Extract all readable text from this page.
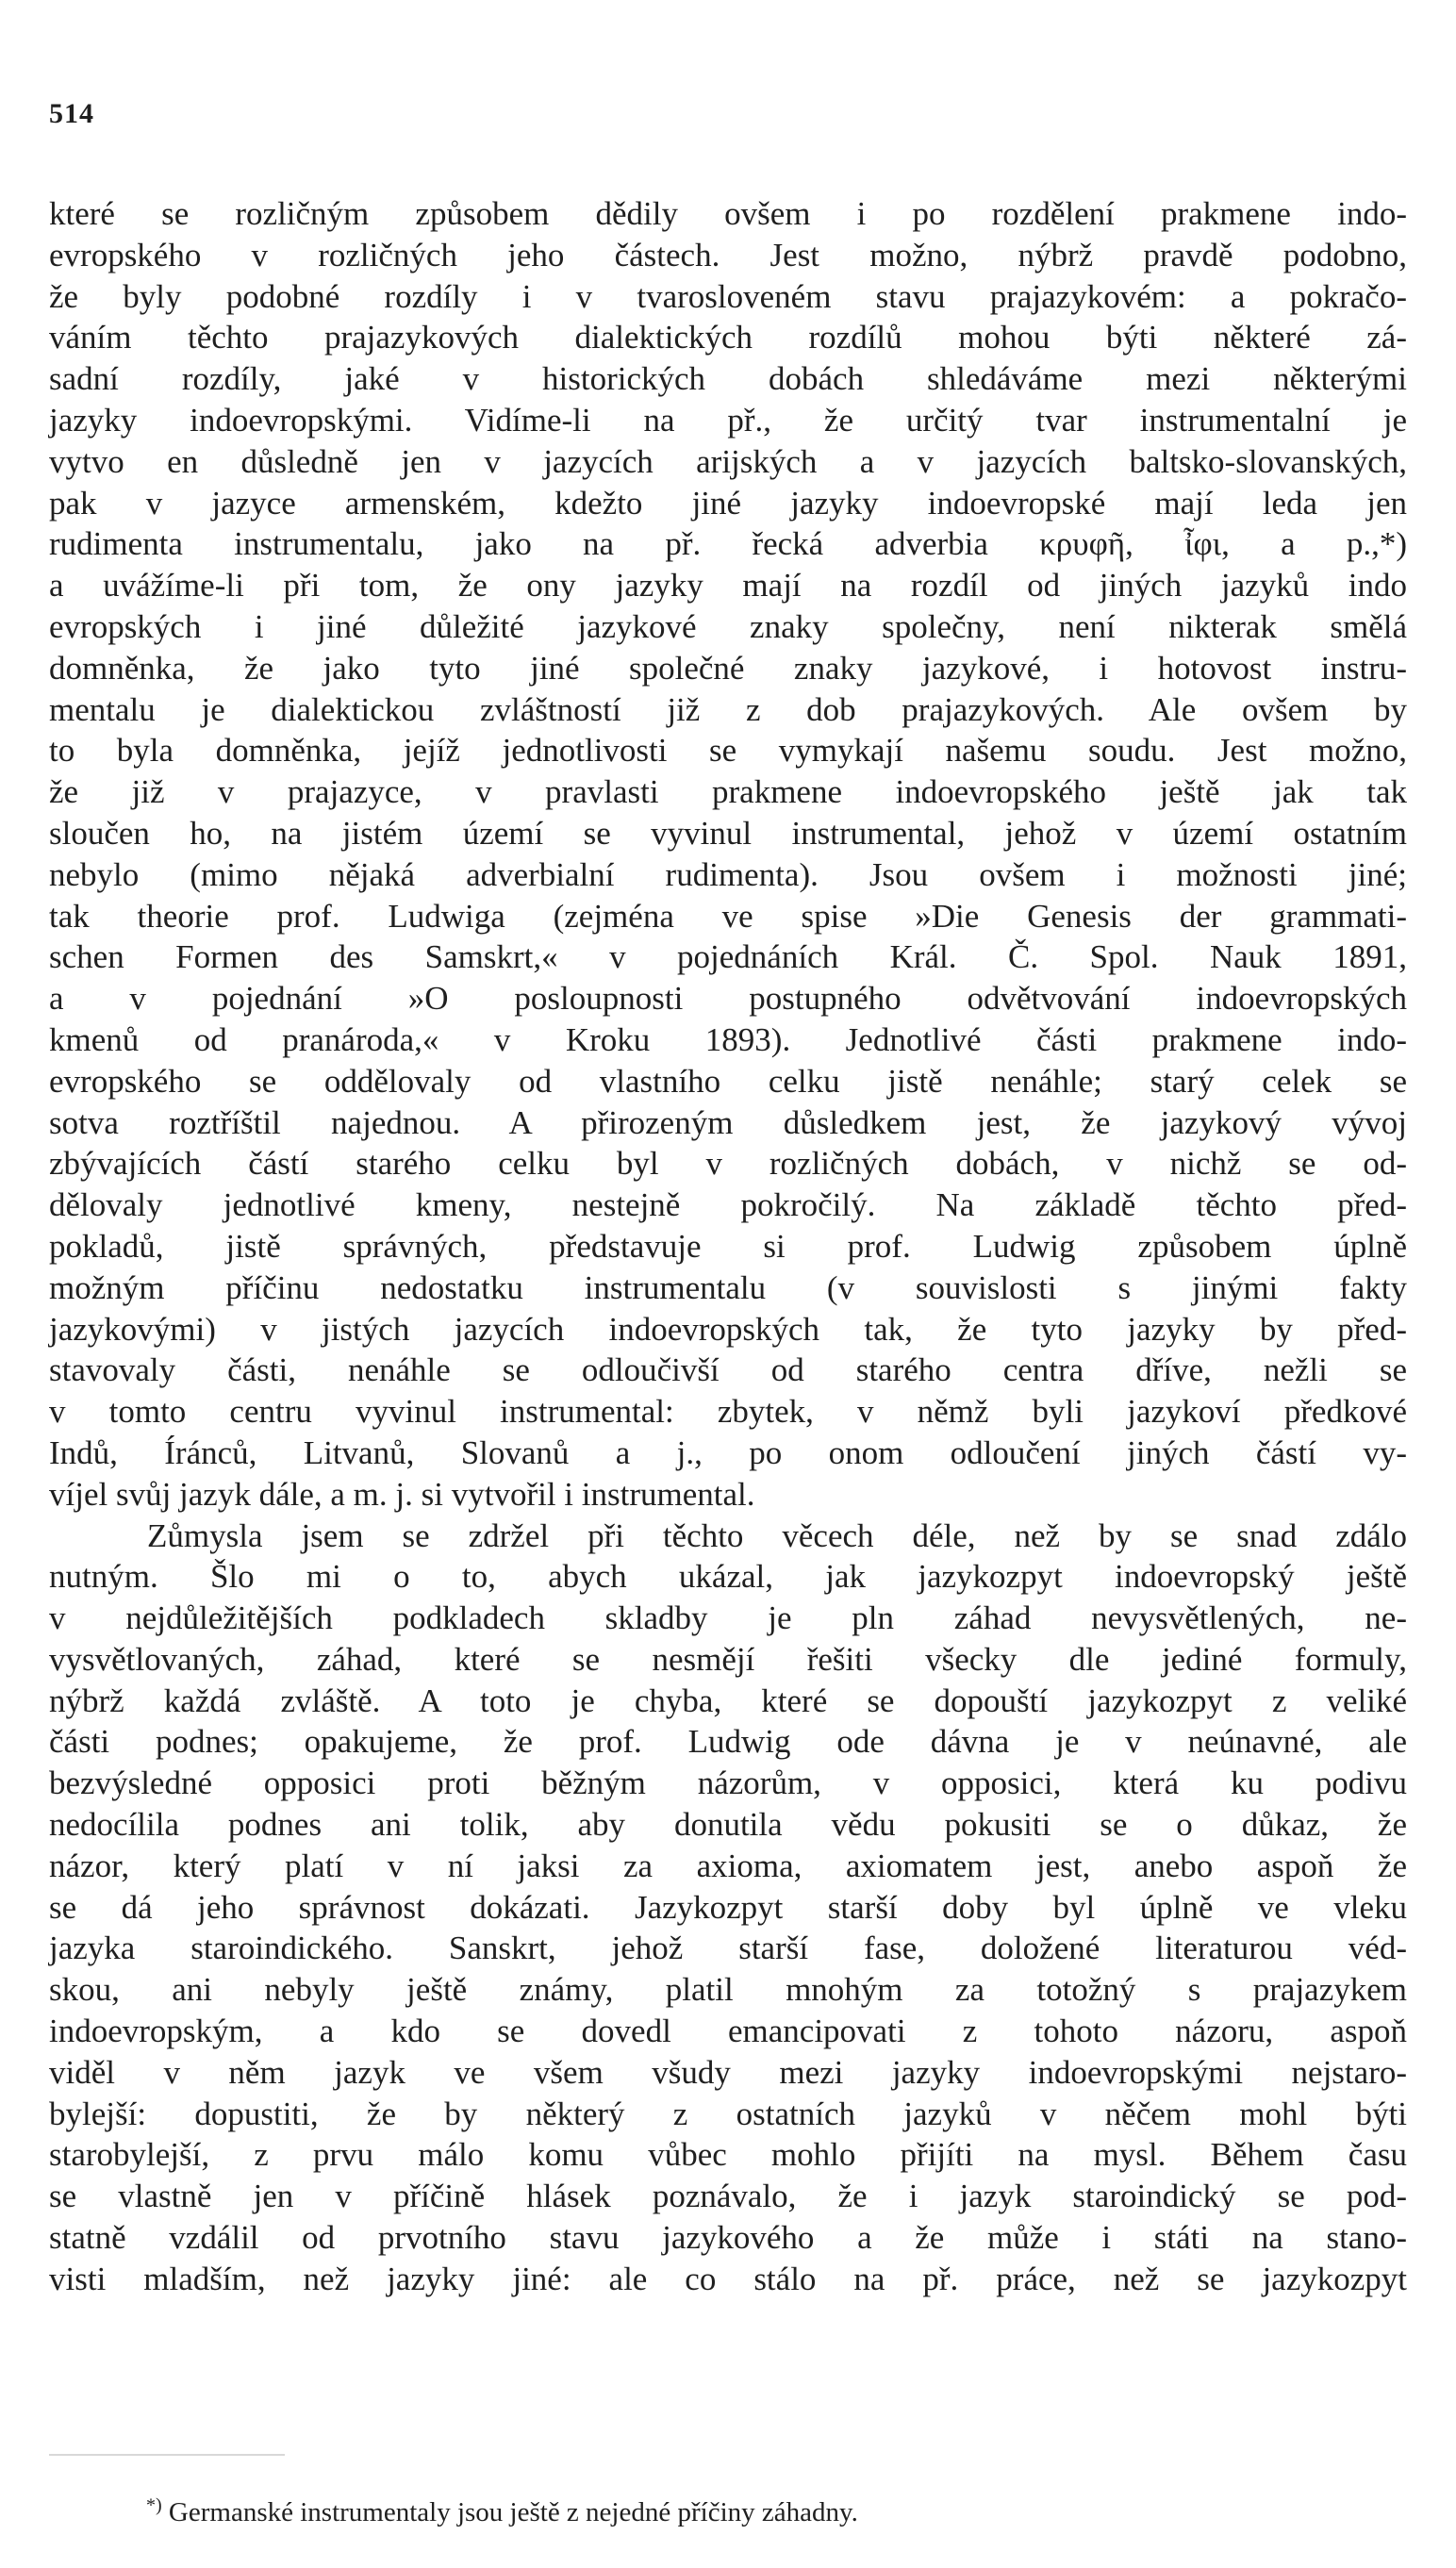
514
které se rozličným způsobem dědily ovšem i po rozdělení prakmene indo-
evropského v rozličných jeho částech. Jest možno, nýbrž pravdě podobno,
že byly podobné rozdíly i v tvarosloveném stavu prajazykovém: a pokračo-
váním těchto prajazykových dialektických rozdílů mohou býti některé zá-
sadní rozdíly, jaké v historických dobách shledáváme mezi některými
jazyky indoevropskými. Vidíme-li na př., že určitý tvar instrumentalní je
vytvo en důsledně jen v jazycích arijských a v jazycích baltsko-slovanských,
pak v jazyce armenském, kdežto jiné jazyky indoevropské mají leda jen
rudimenta instrumentalu, jako na př. řecká adverbia κρυφῆ, ἶφι, a p.,*)
a uvážíme-li při tom, že ony jazyky mají na rozdíl od jiných jazyků indo
evropských i jiné důležité jazykové znaky společny, není nikterak smělá
domněnka, že jako tyto jiné společné znaky jazykové, i hotovost instru-
mentalu je dialektickou zvláštností již z dob prajazykových. Ale ovšem by
to byla domněnka, jejíž jednotlivosti se vymykají našemu soudu. Jest možno,
že již v prajazyce, v pravlasti prakmene indoevropského ještě jak tak
sloučen ho, na jistém území se vyvinul instrumental, jehož v území ostatním
nebylo (mimo nějaká adverbialní rudimenta). Jsou ovšem i možnosti jiné;
tak theorie prof. Ludwiga (zejména ve spise »Die Genesis der grammati-
schen Formen des Samskrt,« v pojednáních Král. Č. Spol. Nauk 1891,
a v pojednání »O posloupnosti postupného odvětvování indoevropských
kmenů od pranároda,« v Kroku 1893). Jednotlivé části prakmene indo-
evropského se oddělovaly od vlastního celku jistě nenáhle; starý celek se
sotva roztříštil najednou. A přirozeným důsledkem jest, že jazykový vývoj
zbývajících částí starého celku byl v rozličných dobách, v nichž se od-
dělovaly jednotlivé kmeny, nestejně pokročilý. Na základě těchto před-
pokladů, jistě správných, představuje si prof. Ludwig způsobem úplně
možným příčinu nedostatku instrumentalu (v souvislosti s jinými fakty
jazykovými) v jistých jazycích indoevropských tak, že tyto jazyky by před-
stavovaly části, nenáhle se odloučivší od starého centra dříve, nežli se
v tomto centru vyvinul instrumental: zbytek, v němž byli jazykoví předkové
Indů, Íránců, Litvanů, Slovanů a j., po onom odloučení jiných částí vy-
víjel svůj jazyk dále, a m. j. si vytvořil i instrumental.
Zůmysla jsem se zdržel při těchto věcech déle, než by se snad zdálo
nutným. Šlo mi o to, abych ukázal, jak jazykozpyt indoevropský ještě
v nejdůležitějších podkladech skladby je pln záhad nevysvětlených, ne-
vysvětlovaných, záhad, které se nesmějí řešiti všecky dle jediné formuly,
nýbrž každá zvláště. A toto je chyba, které se dopouští jazykozpyt z veliké
části podnes; opakujeme, že prof. Ludwig ode dávna je v neúnavné, ale
bezvýsledné opposici proti běžným názorům, v opposici, která ku podivu
nedocílila podnes ani tolik, aby donutila vědu pokusiti se o důkaz, že
názor, který platí v ní jaksi za axioma, axiomatem jest, anebo aspoň že
se dá jeho správnost dokázati. Jazykozpyt starší doby byl úplně ve vleku
jazyka staroindického. Sanskrt, jehož starší fase, doložené literaturou véd-
skou, ani nebyly ještě známy, platil mnohým za totožný s prajazykem
indoevropským, a kdo se dovedl emancipovati z tohoto názoru, aspoň
viděl v něm jazyk ve všem všudy mezi jazyky indoevropskými nejstaro-
bylejší: dopustiti, že by některý z ostatních jazyků v něčem mohl býti
starobylejší, z prvu málo komu vůbec mohlo přijíti na mysl. Během času
se vlastně jen v příčině hlásek poznávalo, že i jazyk staroindický se pod-
statně vzdálil od prvotního stavu jazykového a že může i státi na stano-
visti mladším, než jazyky jiné: ale co stálo na př. práce, než se jazykozpyt
*) Germanské instrumentaly jsou ještě z nejedné příčiny záhadny.
